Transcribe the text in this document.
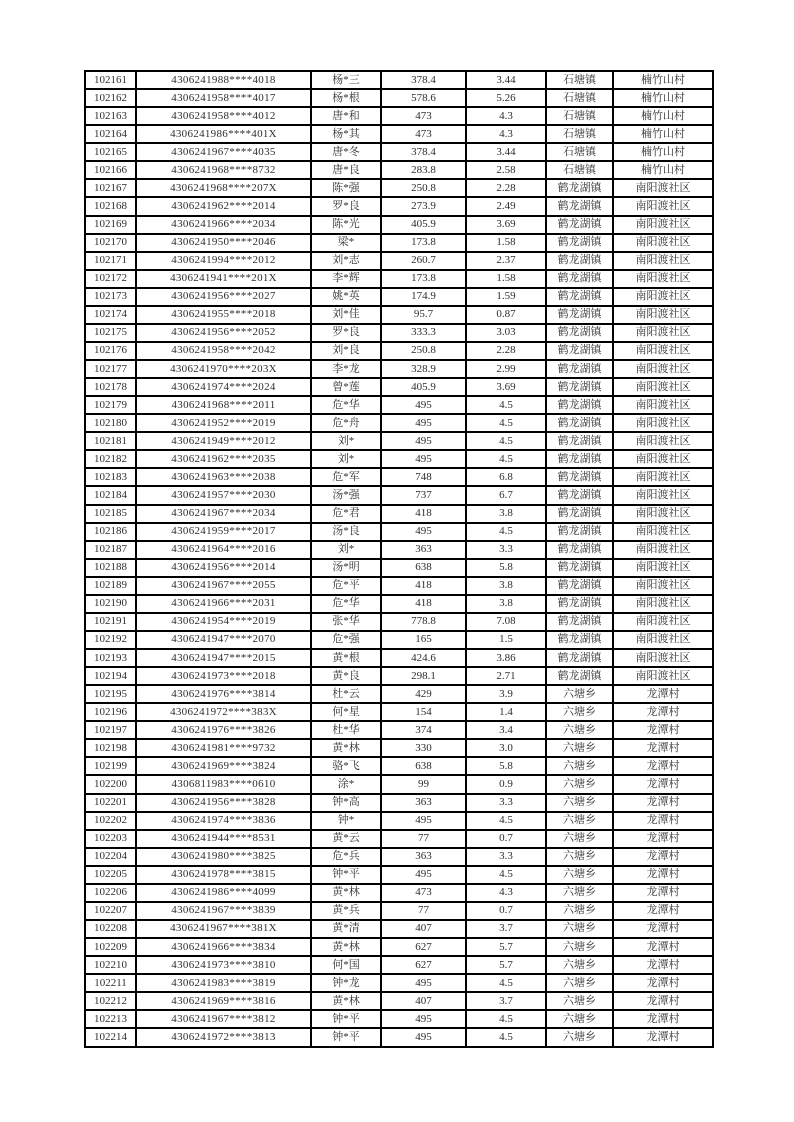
102161	4306241988****4018	杨*三	378.4	3.44	石塘镇	楠竹山村
102162	4306241958****4017	杨*根	578.6	5.26	石塘镇	楠竹山村
102163	4306241958****4012	唐*和	473	4.3	石塘镇	楠竹山村
102164	4306241986****401X	杨*其	473	4.3	石塘镇	楠竹山村
102165	4306241967****4035	唐*冬	378.4	3.44	石塘镇	楠竹山村
102166	4306241968****8732	唐*良	283.8	2.58	石塘镇	楠竹山村
102167	4306241968****207X	陈*强	250.8	2.28	鹤龙湖镇	南阳渡社区
102168	4306241962****2014	罗*良	273.9	2.49	鹤龙湖镇	南阳渡社区
102169	4306241966****2034	陈*光	405.9	3.69	鹤龙湖镇	南阳渡社区
102170	4306241950****2046	梁*	173.8	1.58	鹤龙湖镇	南阳渡社区
102171	4306241994****2012	刘*志	260.7	2.37	鹤龙湖镇	南阳渡社区
102172	4306241941****201X	李*辉	173.8	1.58	鹤龙湖镇	南阳渡社区
102173	4306241956****2027	姚*英	174.9	1.59	鹤龙湖镇	南阳渡社区
102174	4306241955****2018	刘*佳	95.7	0.87	鹤龙湖镇	南阳渡社区
102175	4306241956****2052	罗*良	333.3	3.03	鹤龙湖镇	南阳渡社区
102176	4306241958****2042	刘*良	250.8	2.28	鹤龙湖镇	南阳渡社区
102177	4306241970****203X	李*龙	328.9	2.99	鹤龙湖镇	南阳渡社区
102178	4306241974****2024	曾*莲	405.9	3.69	鹤龙湖镇	南阳渡社区
102179	4306241968****2011	危*华	495	4.5	鹤龙湖镇	南阳渡社区
102180	4306241952****2019	危*舟	495	4.5	鹤龙湖镇	南阳渡社区
102181	4306241949****2012	刘*	495	4.5	鹤龙湖镇	南阳渡社区
102182	4306241962****2035	刘*	495	4.5	鹤龙湖镇	南阳渡社区
102183	4306241963****2038	危*军	748	6.8	鹤龙湖镇	南阳渡社区
102184	4306241957****2030	汤*强	737	6.7	鹤龙湖镇	南阳渡社区
102185	4306241967****2034	危*君	418	3.8	鹤龙湖镇	南阳渡社区
102186	4306241959****2017	汤*良	495	4.5	鹤龙湖镇	南阳渡社区
102187	4306241964****2016	刘*	363	3.3	鹤龙湖镇	南阳渡社区
102188	4306241956****2014	汤*明	638	5.8	鹤龙湖镇	南阳渡社区
102189	4306241967****2055	危*平	418	3.8	鹤龙湖镇	南阳渡社区
102190	4306241966****2031	危*华	418	3.8	鹤龙湖镇	南阳渡社区
102191	4306241954****2019	张*华	778.8	7.08	鹤龙湖镇	南阳渡社区
102192	4306241947****2070	危*强	165	1.5	鹤龙湖镇	南阳渡社区
102193	4306241947****2015	黄*根	424.6	3.86	鹤龙湖镇	南阳渡社区
102194	4306241973****2018	黄*良	298.1	2.71	鹤龙湖镇	南阳渡社区
102195	4306241976****3814	杜*云	429	3.9	六塘乡	龙潭村
102196	4306241972****383X	何*星	154	1.4	六塘乡	龙潭村
102197	4306241976****3826	杜*华	374	3.4	六塘乡	龙潭村
102198	4306241981****9732	黄*林	330	3.0	六塘乡	龙潭村
102199	4306241969****3824	骆*飞	638	5.8	六塘乡	龙潭村
102200	4306811983****0610	涂*	99	0.9	六塘乡	龙潭村
102201	4306241956****3828	钟*高	363	3.3	六塘乡	龙潭村
102202	4306241974****3836	钟*	495	4.5	六塘乡	龙潭村
102203	4306241944****8531	黄*云	77	0.7	六塘乡	龙潭村
102204	4306241980****3825	危*兵	363	3.3	六塘乡	龙潭村
102205	4306241978****3815	钟*平	495	4.5	六塘乡	龙潭村
102206	4306241986****4099	黄*林	473	4.3	六塘乡	龙潭村
102207	4306241967****3839	黄*兵	77	0.7	六塘乡	龙潭村
102208	4306241967****381X	黄*清	407	3.7	六塘乡	龙潭村
102209	4306241966****3834	黄*林	627	5.7	六塘乡	龙潭村
102210	4306241973****3810	何*国	627	5.7	六塘乡	龙潭村
102211	4306241983****3819	钟*龙	495	4.5	六塘乡	龙潭村
102212	4306241969****3816	黄*林	407	3.7	六塘乡	龙潭村
102213	4306241967****3812	钟*平	495	4.5	六塘乡	龙潭村
102214	4306241972****3813	钟*平	495	4.5	六塘乡	龙潭村
